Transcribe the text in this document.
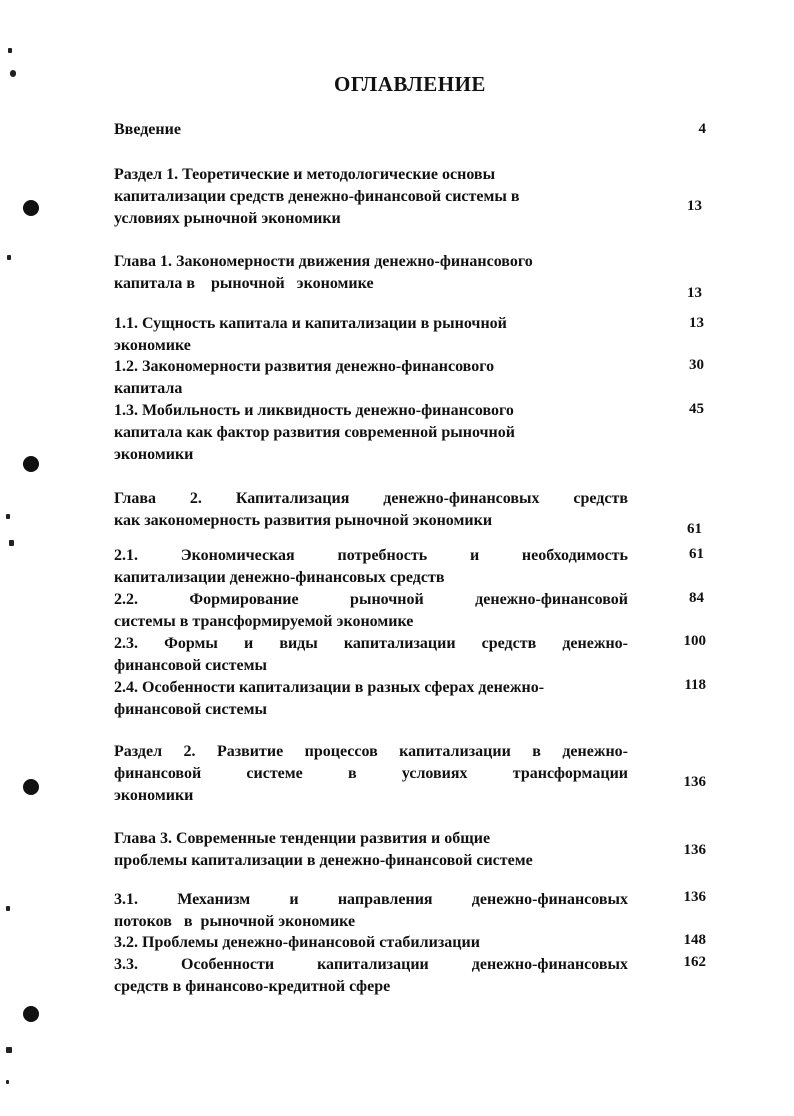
ОГЛАВЛЕНИЕ
Введение	4
Раздел 1. Теоретические и методологические основы
капитализации средств денежно-финансовой системы в
условиях рыночной экономики
13
Глава 1. Закономерности движения денежно-финансового
капитала в    рыночной   экономике
13
1.1. Сущность капитала и капитализации в рыночной
экономике
13
1.2. Закономерности развития денежно-финансового
капитала
30
1.3. Мобильность и ликвидность денежно-финансового
капитала как фактор развития современной рыночной
экономики
45
Глава 2. Капитализация денежно-финансовых средств
как закономерность развития рыночной экономики	61
2.1. Экономическая потребность и необходимость
капитализации денежно-финансовых средств
61
2.2. Формирование рыночной денежно-финансовой
системы в трансформируемой экономике
84
2.3. Формы и виды капитализации средств денежно-
финансовой системы
100
2.4. Особенности капитализации в разных сферах денежно-
финансовой системы
118
Раздел 2. Развитие процессов капитализации в денежно-
финансовой системе в условиях трансформации
экономики
136
Глава 3. Современные тенденции развития и общие
проблемы капитализации в денежно-финансовой системе
136
3.1. Механизм и направления денежно-финансовых
потоков   в  рыночной экономике
136
3.2. Проблемы денежно-финансовой стабилизации	148
3.3. Особенности капитализации денежно-финансовых
средств в финансово-кредитной сфере
162
